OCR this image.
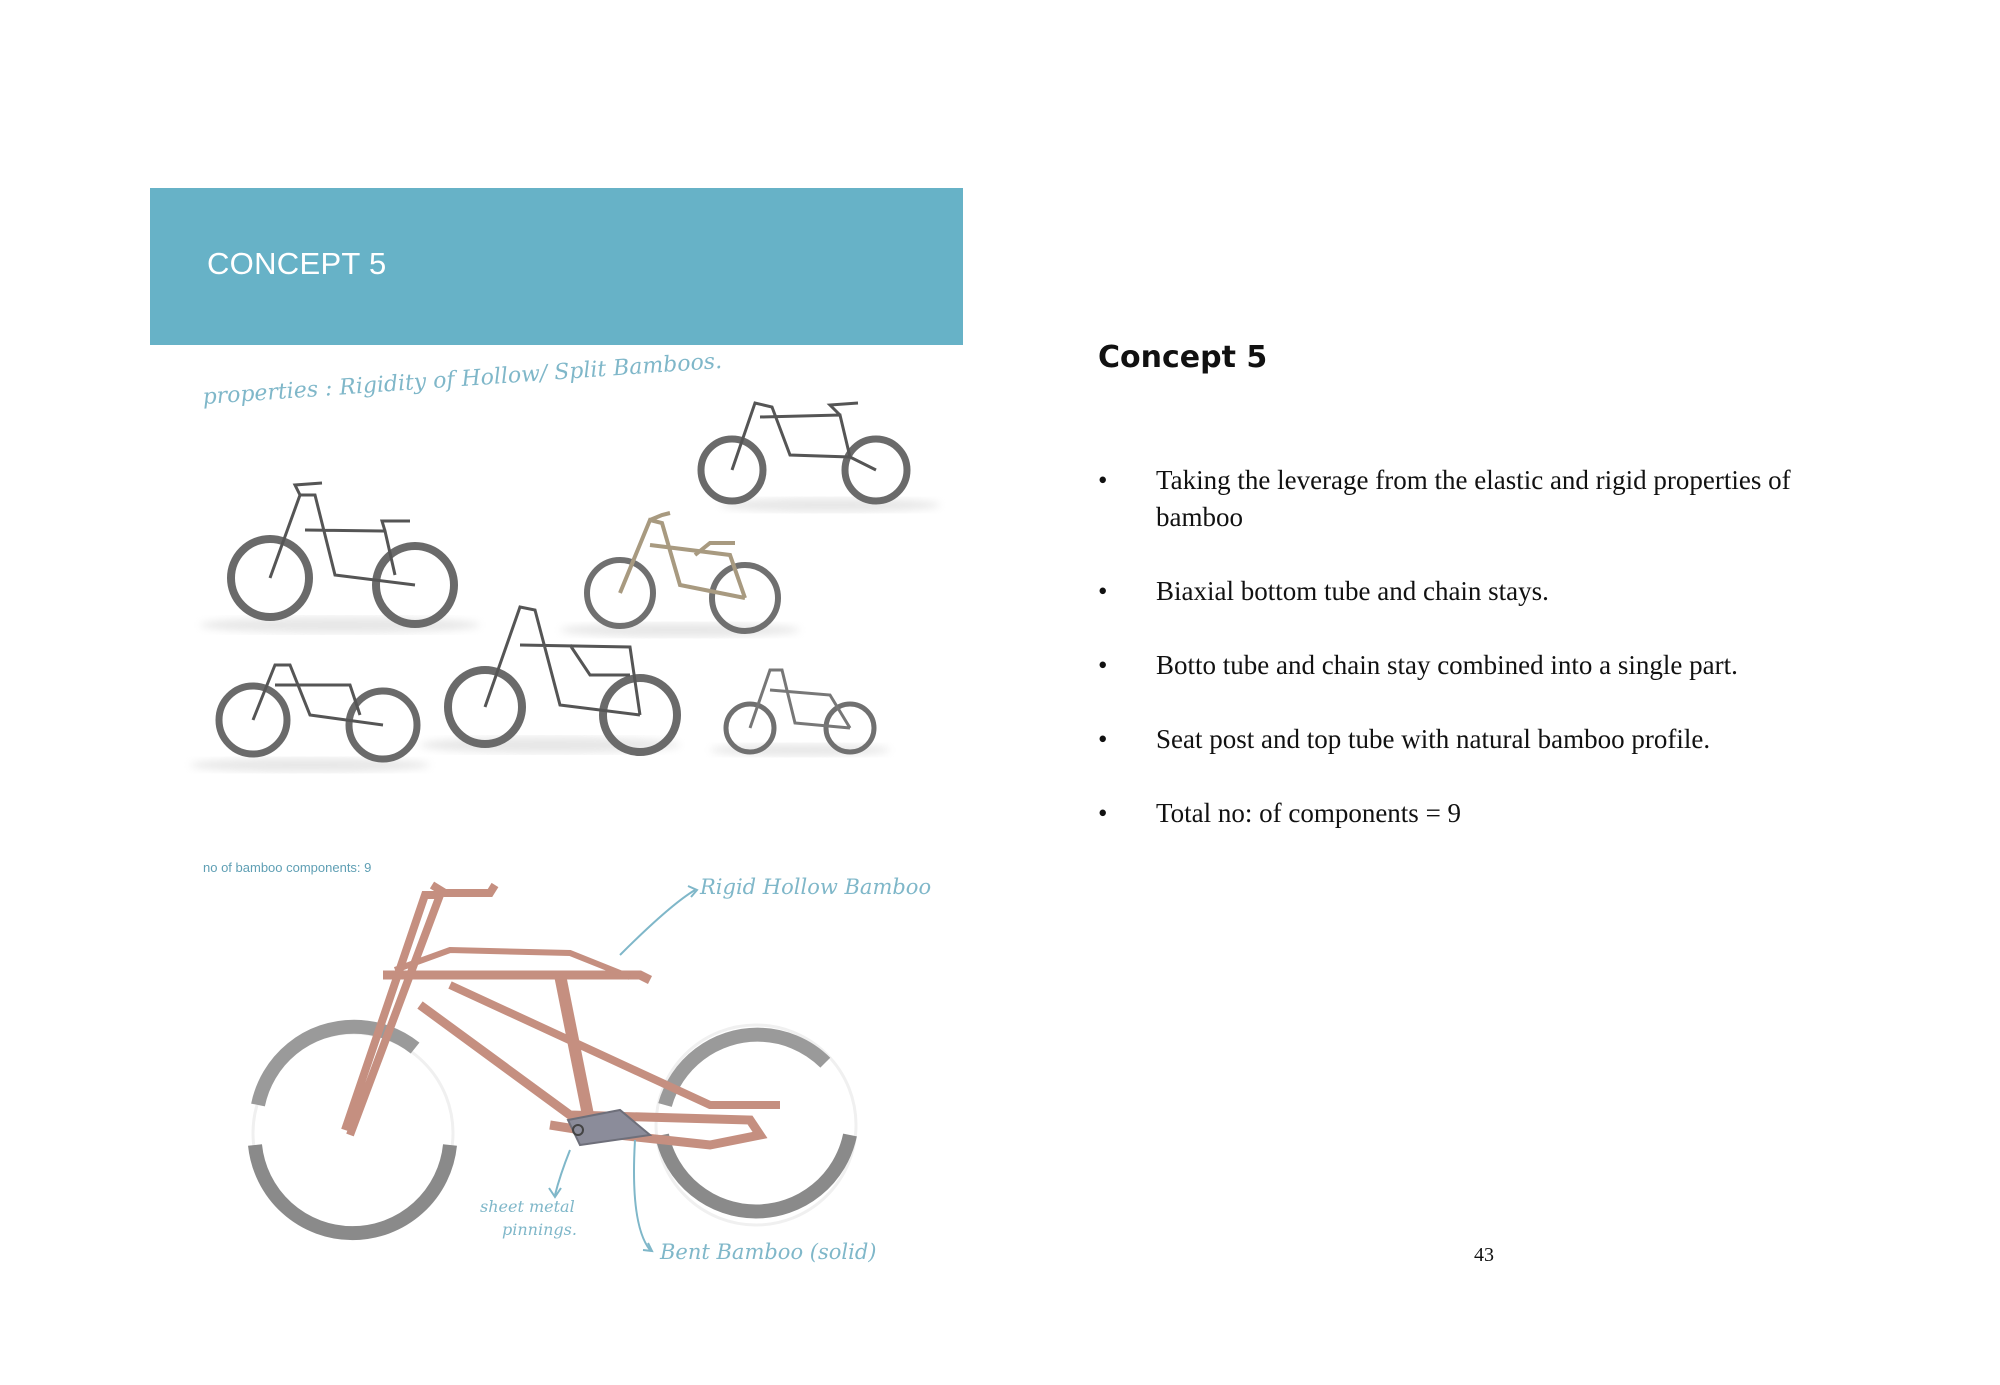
CONCEPT 5
properties : Rigidity of Hollow/ Split Bamboos.
no of bamboo components: 9
Rigid Hollow Bamboo
sheet metal
pinnings.
Bent Bamboo (solid)
Concept 5
• Taking the leverage from the elastic and rigid properties of bamboo
• Biaxial bottom tube and chain stays.
• Botto tube and chain stay combined into a single part.
• Seat post and top tube with natural bamboo profile.
• Total no: of components = 9
43
